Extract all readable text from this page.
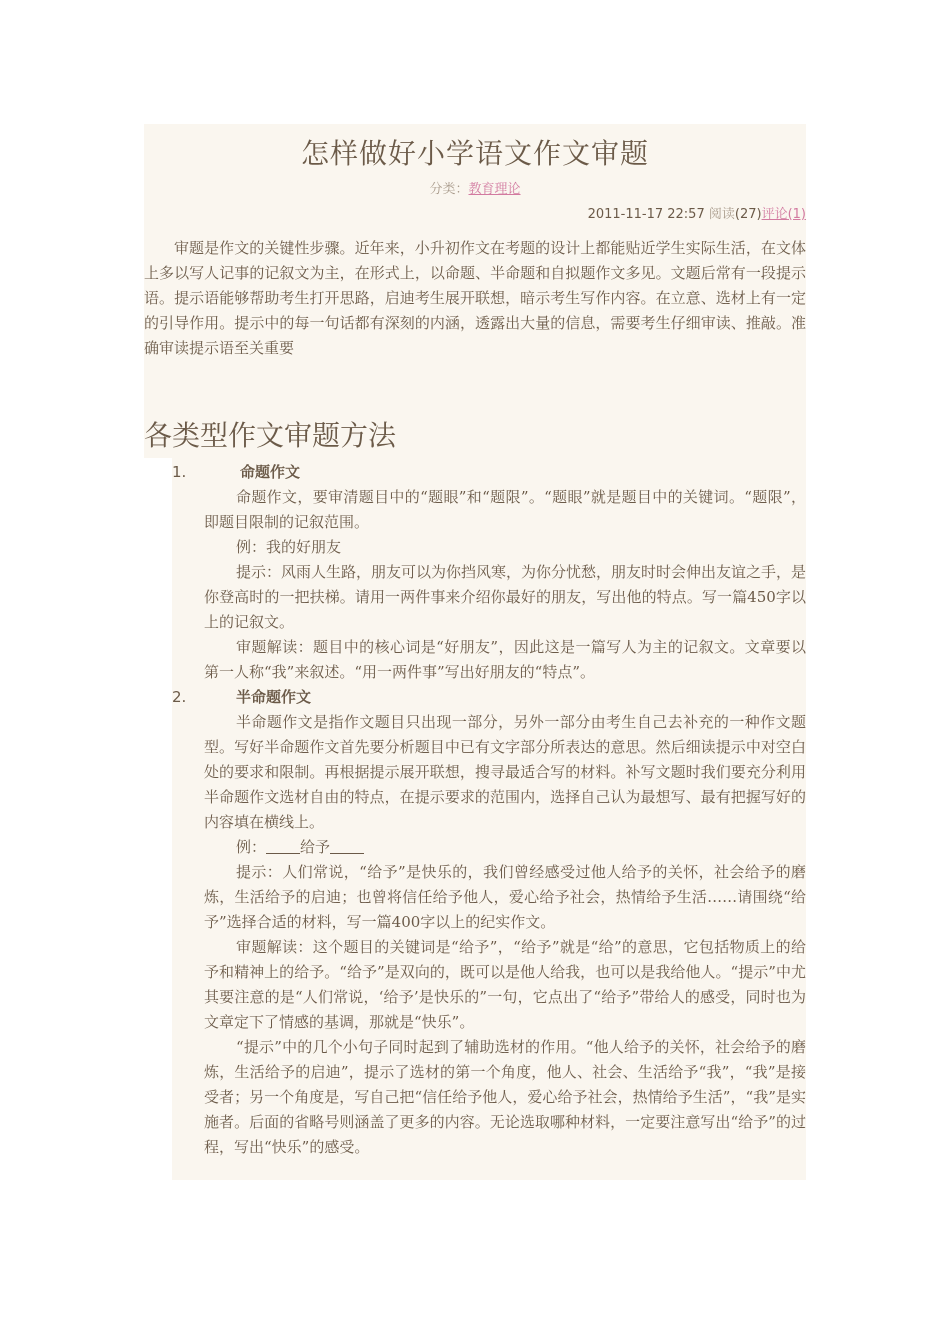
怎样做好小学语文作文审题
分类：教育理论
2011-11-17 22:57 阅读(27)评论(1)

审题是作文的关键性步骤。近年来，小升初作文在考题的设计上都能贴近学生实际生活，在文体上多以写人记事的记叙文为主，在形式上，以命题、半命题和自拟题作文多见。文题后常有一段提示语。提示语能够帮助考生打开思路，启迪考生展开联想，暗示考生写作内容。在立意、选材上有一定的引导作用。提示中的每一句话都有深刻的内涵，透露出大量的信息，需要考生仔细审读、推敲。准确审读提示语至关重要

各类型作文审题方法
1.	命题作文

命题作文，要审清题目中的“题眼”和“题限”。“题眼”就是题目中的关键词。“题限”，即题目限制的记叙范围。

例：我的好朋友

提示：风雨人生路，朋友可以为你挡风寒，为你分忧愁，朋友时时会伸出友谊之手，是你登高时的一把扶梯。请用一两件事来介绍你最好的朋友，写出他的特点。写一篇450字以上的记叙文。

审题解读：题目中的核心词是“好朋友”，因此这是一篇写人为主的记叙文。文章要以第一人称“我”来叙述。“用一两件事”写出好朋友的“特点”。

2.	半命题作文

半命题作文是指作文题目只出现一部分，另外一部分由考生自己去补充的一种作文题型。写好半命题作文首先要分析题目中已有文字部分所表达的意思。然后细读提示中对空白处的要求和限制。再根据提示展开联想，搜寻最适合写的材料。补写文题时我们要充分利用半命题作文选材自由的特点，在提示要求的范围内，选择自己认为最想写、最有把握写好的内容填在横线上。

例： 给予

提示：人们常说，“给予”是快乐的，我们曾经感受过他人给予的关怀，社会给予的磨炼，生活给予的启迪；也曾将信任给予他人，爱心给予社会，热情给予生活……请围绕“给予”选择合适的材料，写一篇400字以上的纪实作文。

审题解读：这个题目的关键词是“给予”，“给予”就是“给”的意思，它包括物质上的给予和精神上的给予。“给予”是双向的，既可以是他人给我，也可以是我给他人。“提示”中尤其要注意的是“人们常说，‘给予’是快乐的”一句，它点出了“给予”带给人的感受，同时也为文章定下了情感的基调，那就是“快乐”。

“提示”中的几个小句子同时起到了辅助选材的作用。“他人给予的关怀，社会给予的磨炼，生活给予的启迪”，提示了选材的第一个角度，他人、社会、生活给予“我”，“我”是接受者；另一个角度是，写自己把“信任给予他人，爱心给予社会，热情给予生活”，“我”是实施者。后面的省略号则涵盖了更多的内容。无论选取哪种材料，一定要注意写出“给予”的过程，写出“快乐”的感受。
